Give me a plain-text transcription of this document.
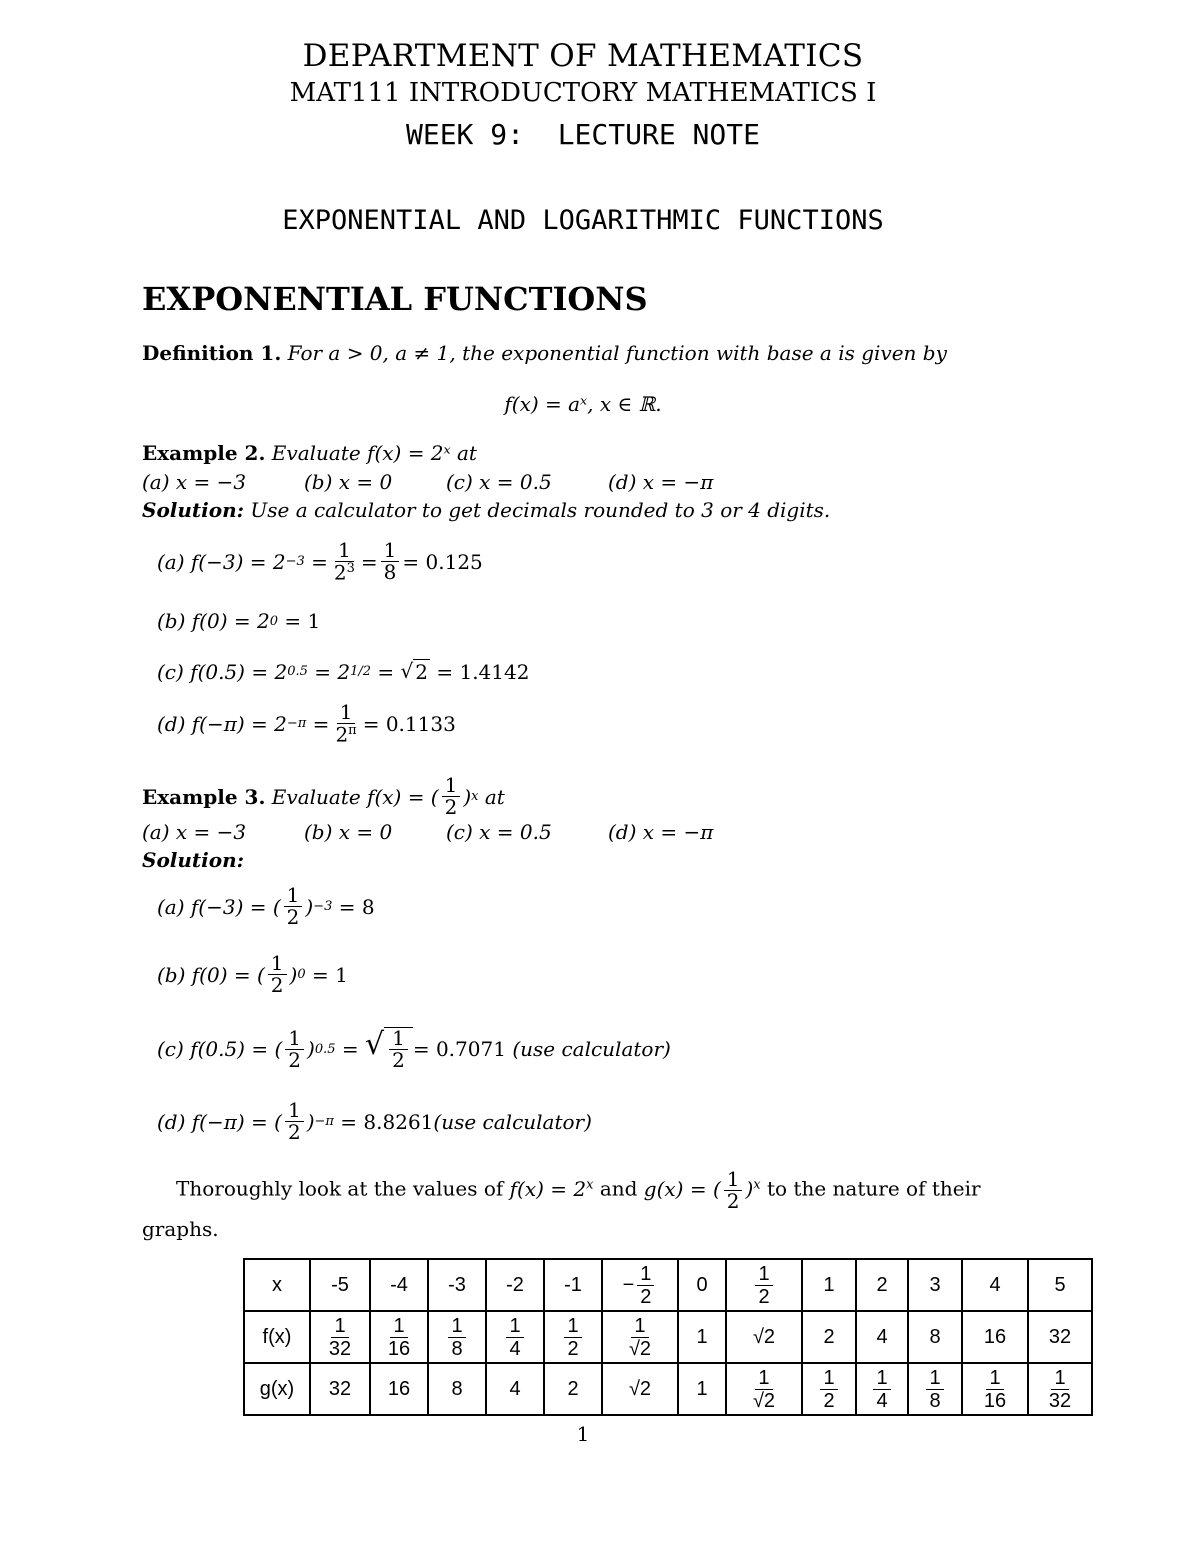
DEPARTMENT OF MATHEMATICS
MAT111 INTRODUCTORY MATHEMATICS I
WEEK 9:  LECTURE NOTE
EXPONENTIAL AND LOGARITHMIC FUNCTIONS
EXPONENTIAL FUNCTIONS
Definition 1. For a > 0, a ≠ 1, the exponential function with base a is given by
f(x) = aˣ, x ∈ ℝ.
Example 2. Evaluate f(x) = 2ˣ at
(a) x = −3	(b) x = 0	(c) x = 0.5	(d) x = −π
Solution: Use a calculator to get decimals rounded to 3 or 4 digits.
(a) $f(-3) = 2 -3 = \frac{1}{2^3} = \frac{1}{8} = 0.125$
(b) f(0) = 2 0
= 1
(c) f(0.5) = 2 0.5
= 2 1/2 = √ 2
= 1.4142
(d) $f(-\pi) = 2 -\pi = \frac{1}{2^\pi} = 0.1133$
Example 3.
Evaluate f(x) = ( $\frac{1}{2}$ ) x
at
(a) x = −3	(b) x = 0	(c) x = 0.5	(d) x = −π
Solution:
(a) f(−3) = ( $\frac{1}{2}$ ) −3
= 8
(b) f(0) = ( $\frac{1}{2}$ ) 0
= 1
(c) f(0.5) = ( $\frac{1}{2}$ ) 0.5 = √ $\frac{1}{2} = 0.7071$
(use calculator)
(d) f(−π) = ( $\frac{1}{2}$ ) −π
= 8.8261 (use calculator)
Thoroughly look at the values of $f(x) = 2^x$ and g(x) = ( $\frac{1}{2} )^x$ to the nature of their graphs.
x	-5	-4	-3	-2	-1	− $\frac{1}{2}$	0	$\frac{1}{2}$	1	2	3	4	5
f(x)	$\frac{1}{32}$	$\frac{1}{16}$	$\frac{1}{8}$	$\frac{1}{4}$	$\frac{1}{2}$	$\frac{1}{√2}$	1	√2	2	4	8	16	32
g(x)	32	16	8	4	2	√2	1	$\frac{1}{√2}$	$\frac{1}{2}$	$\frac{1}{4}$	$\frac{1}{8}$	$\frac{1}{16}$	$\frac{1}{32}$
1
